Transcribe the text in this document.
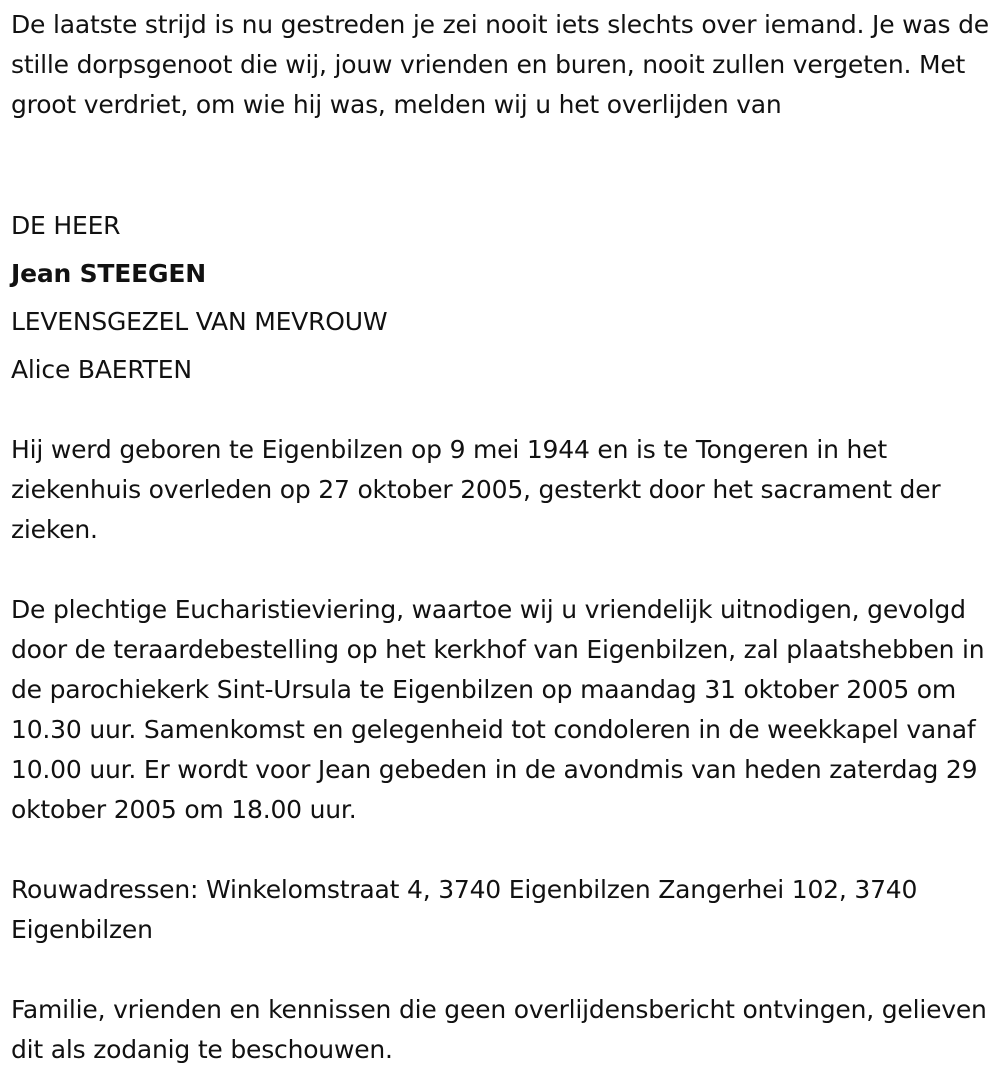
De laatste strijd is nu gestreden je zei nooit iets slechts over iemand. Je was de stille dorpsgenoot die wij, jouw vrienden en buren, nooit zullen vergeten. Met groot verdriet, om wie hij was, melden wij u het overlijden van

DE HEER

Jean STEEGEN

LEVENSGEZEL VAN MEVROUW

Alice BAERTEN

Hij werd geboren te Eigenbilzen op 9 mei 1944 en is te Tongeren in het ziekenhuis overleden op 27 oktober 2005, gesterkt door het sacrament der zieken.

De plechtige Eucharistieviering, waartoe wij u vriendelijk uitnodigen, gevolgd door de teraardebestelling op het kerkhof van Eigenbilzen, zal plaatshebben in de parochiekerk Sint-Ursula te Eigenbilzen op maandag 31 oktober 2005 om 10.30 uur. Samenkomst en gelegenheid tot condoleren in de weekkapel vanaf 10.00 uur. Er wordt voor Jean gebeden in de avondmis van heden zaterdag 29 oktober 2005 om 18.00 uur.

Rouwadressen: Winkelomstraat 4, 3740 Eigenbilzen Zangerhei 102, 3740 Eigenbilzen

Familie, vrienden en kennissen die geen overlijdensbericht ontvingen, gelieven dit als zodanig te beschouwen.
